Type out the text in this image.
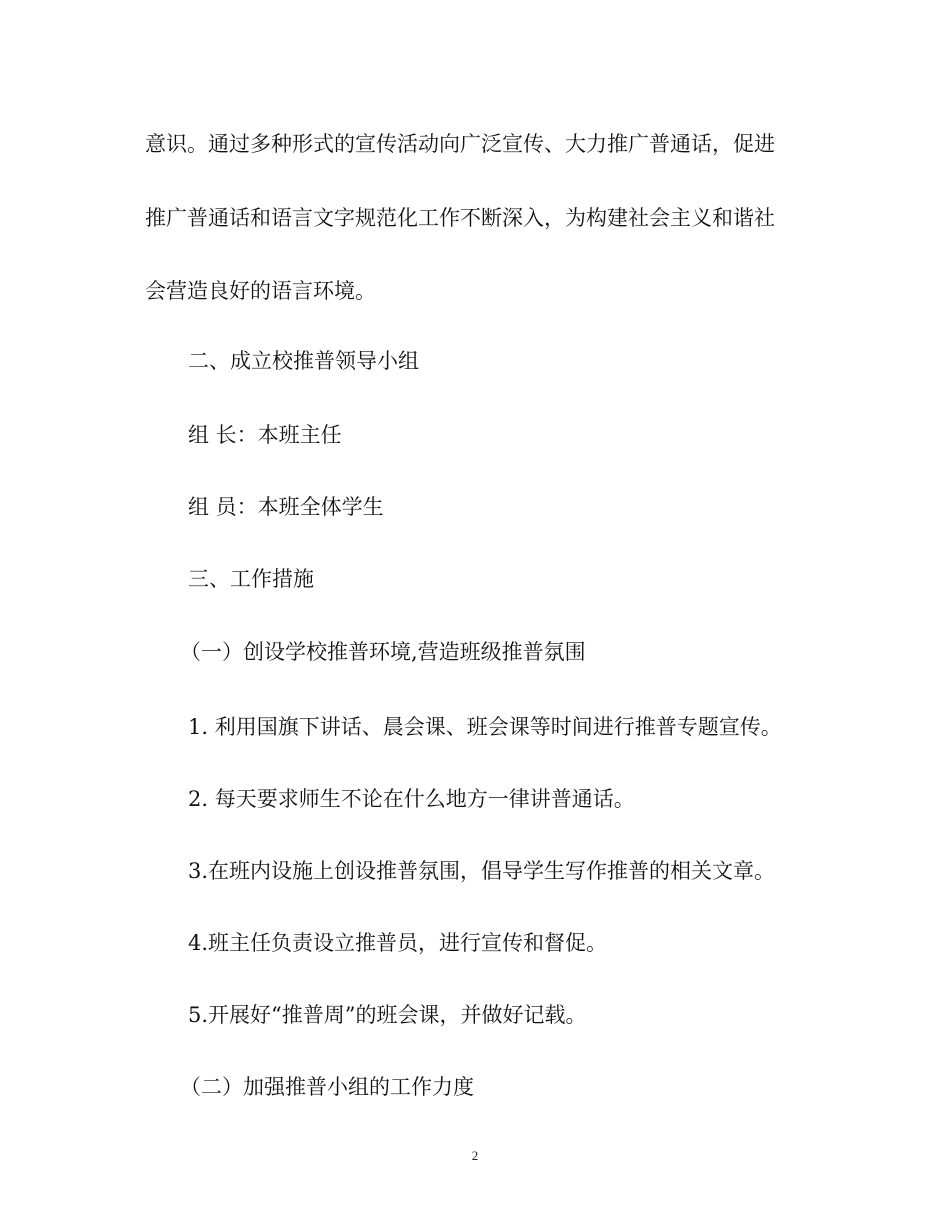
意识。通过多种形式的宣传活动向广泛宣传、大力推广普通话，促进
推广普通话和语言文字规范化工作不断深入，为构建社会主义和谐社
会营造良好的语言环境。
二、成立校推普领导小组
组 长：本班主任
组 员：本班全体学生
三、工作措施
（一）创设学校推普环境,营造班级推普氛围
1. 利用国旗下讲话、晨会课、班会课等时间进行推普专题宣传。
2. 每天要求师生不论在什么地方一律讲普通话。
3.在班内设施上创设推普氛围，倡导学生写作推普的相关文章。
4.班主任负责设立推普员，进行宣传和督促。
5.开展好“推普周”的班会课，并做好记载。
（二）加强推普小组的工作力度
2
